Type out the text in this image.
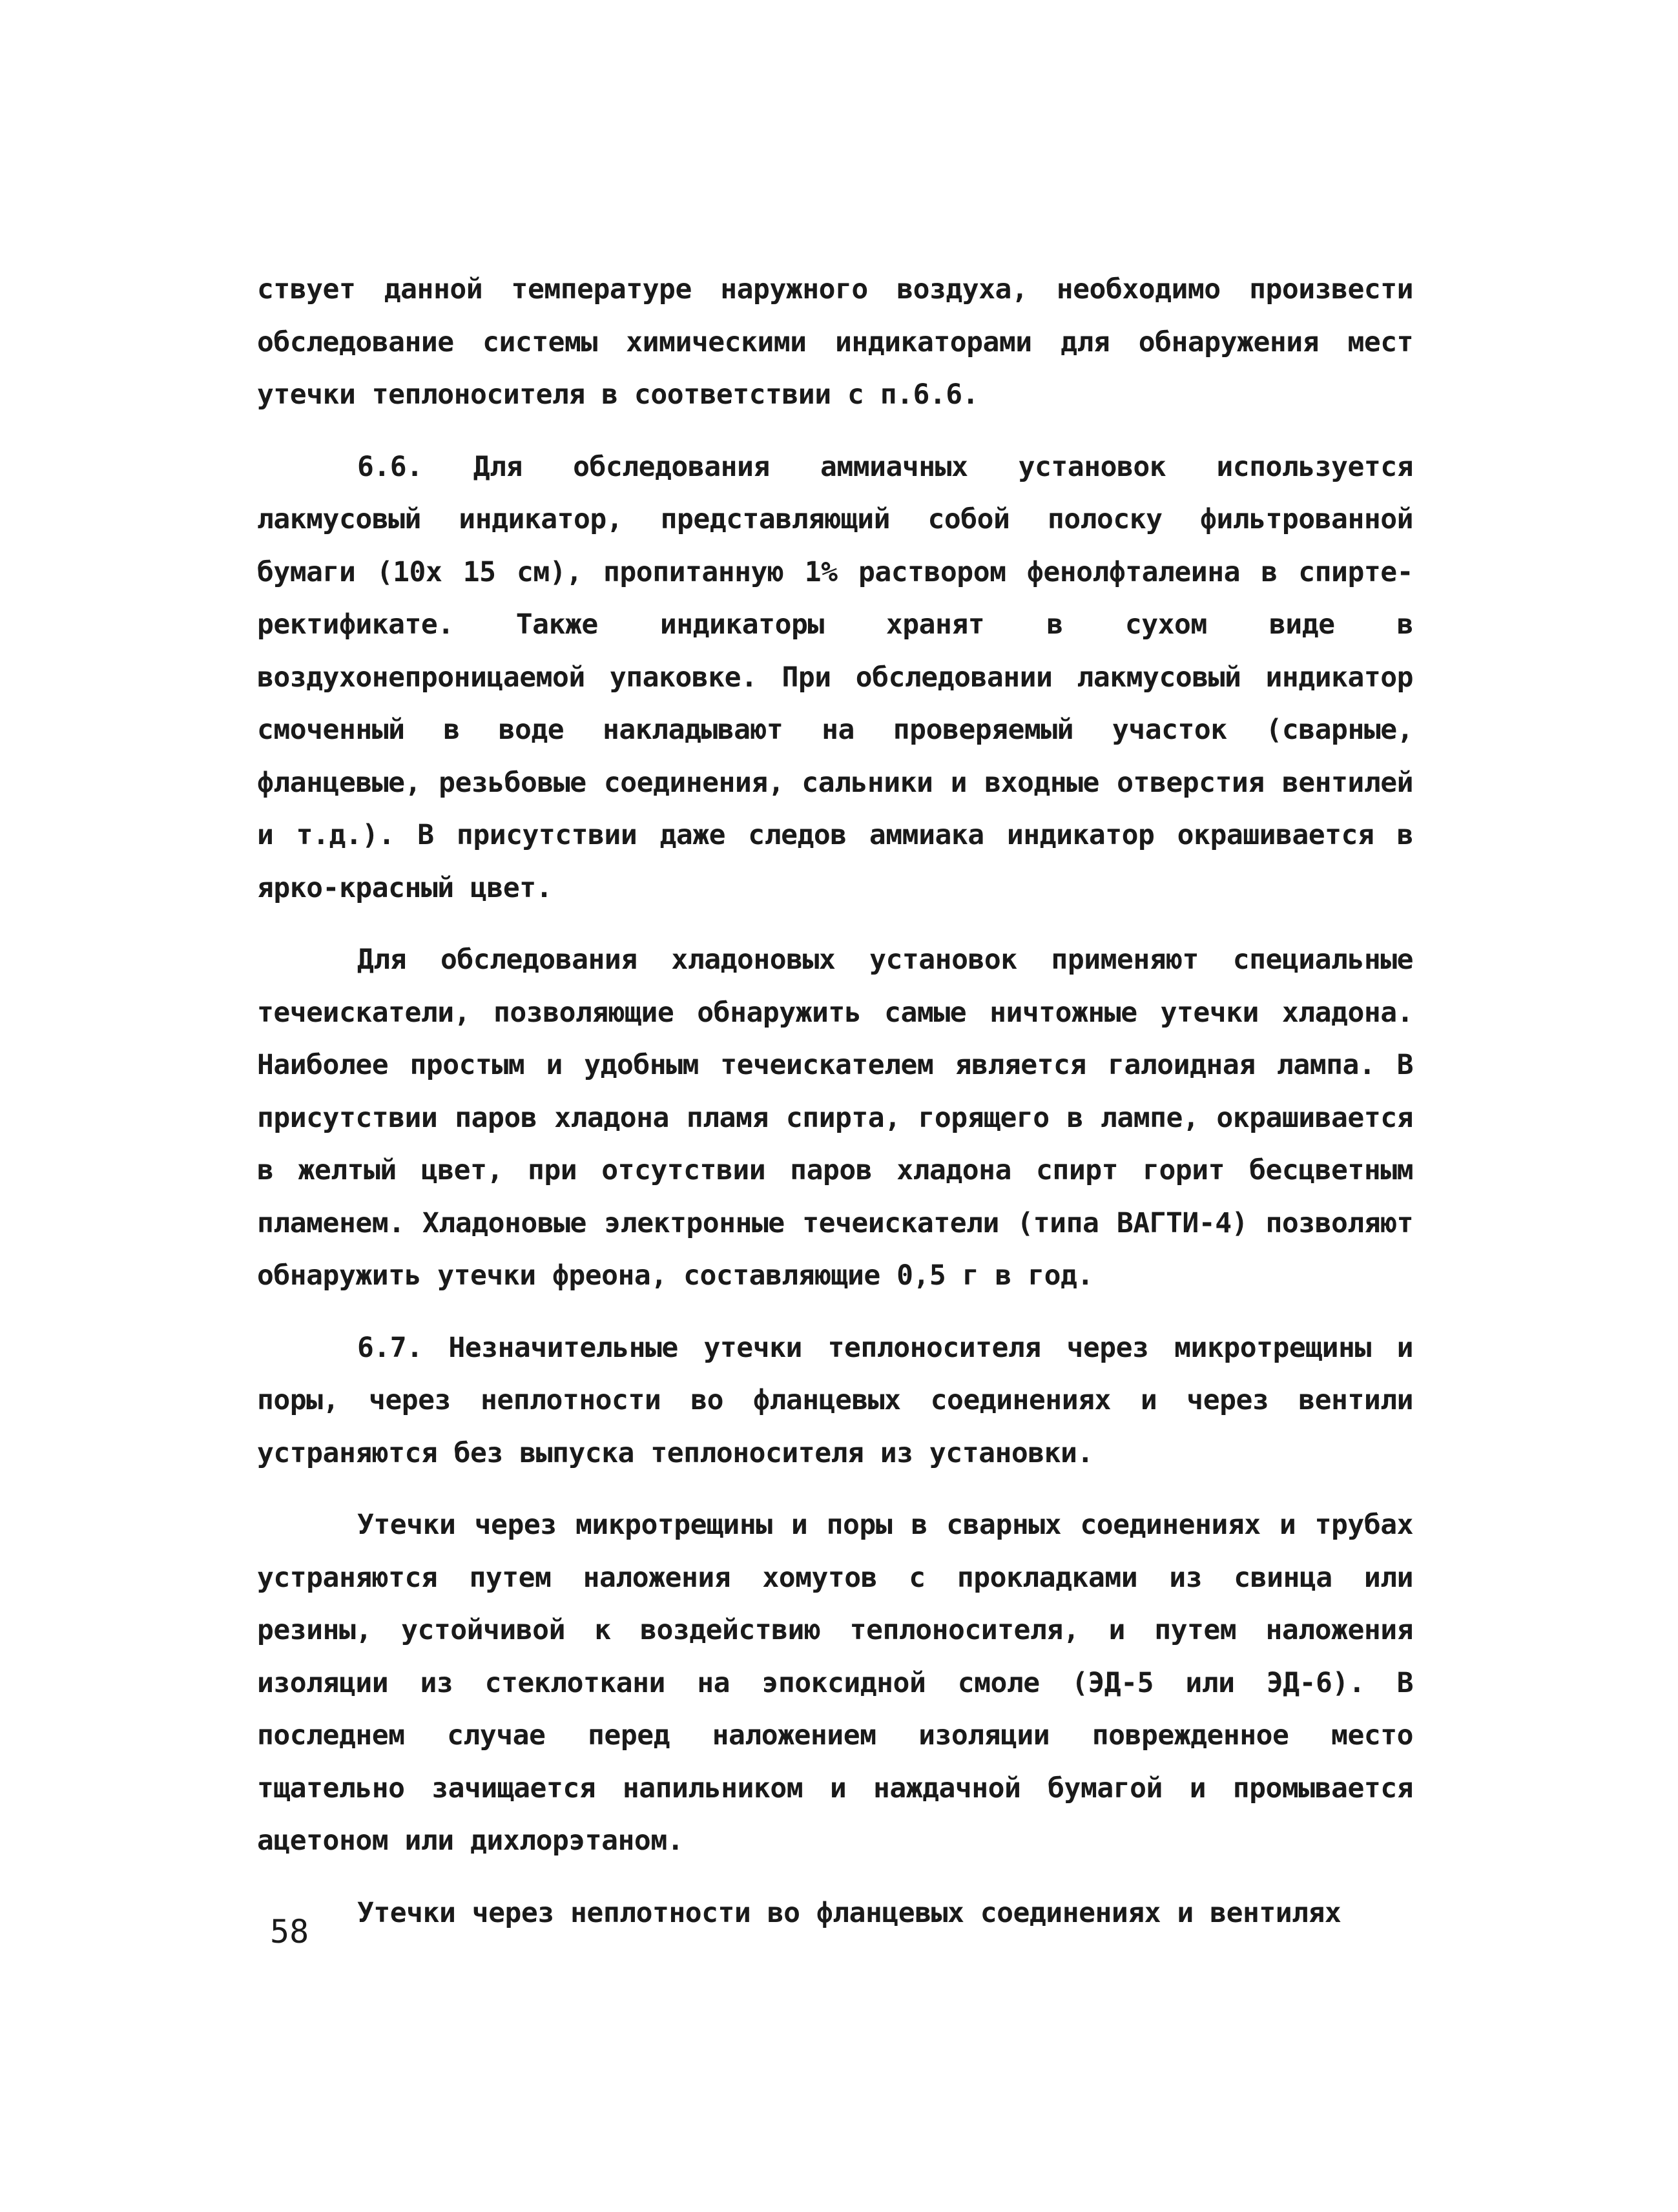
ствует данной температуре наружного воздуха, необходимо произвести обследование системы химическими индикаторами для обнаружения мест утечки теплоносителя в соответствии с п.6.6.

6.6. Для обследования аммиачных установок используется лакмусовый индикатор, представляющий собой полоску фильтрованной бумаги (10х 15 см), пропитанную 1% раствором фенолфталеина в спирте-ректификате. Также индикаторы хранят в сухом виде в воздухонепроницаемой упаковке. При обследовании лакмусовый индикатор смоченный в воде накладывают на проверяемый участок (сварные, фланцевые, резьбовые соединения, сальники и входные отверстия вентилей и т.д.). В присутствии даже следов аммиака индикатор окрашивается в ярко-красный цвет.

Для обследования хладоновых установок применяют специальные течеискатели, позволяющие обнаружить самые ничтожные утечки хладона. Наиболее простым и удобным течеискателем является галоидная лампа. В присутствии паров хладона пламя спирта, горящего в лампе, окрашивается в желтый цвет, при отсутствии паров хладона спирт горит бесцветным пламенем. Хладоновые электронные течеискатели (типа ВАГТИ-4) позволяют обнаружить утечки фреона, составляющие 0,5 г в год.

6.7. Незначительные утечки теплоносителя через микротрещины и поры, через неплотности во фланцевых соединениях и через вентили устраняются без выпуска теплоносителя из установки.

Утечки через микротрещины и поры в сварных соединениях и трубах устраняются путем наложения хомутов с прокладками из свинца или резины, устойчивой к воздействию теплоносителя, и путем наложения изоляции из стеклоткани на эпоксидной смоле (ЭД-5 или ЭД-6). В последнем случае перед наложением изоляции поврежденное место тщательно зачищается напильником и наждачной бумагой и промывается ацетоном или дихлорэтаном.

Утечки через неплотности во фланцевых соединениях и вентилях

58
